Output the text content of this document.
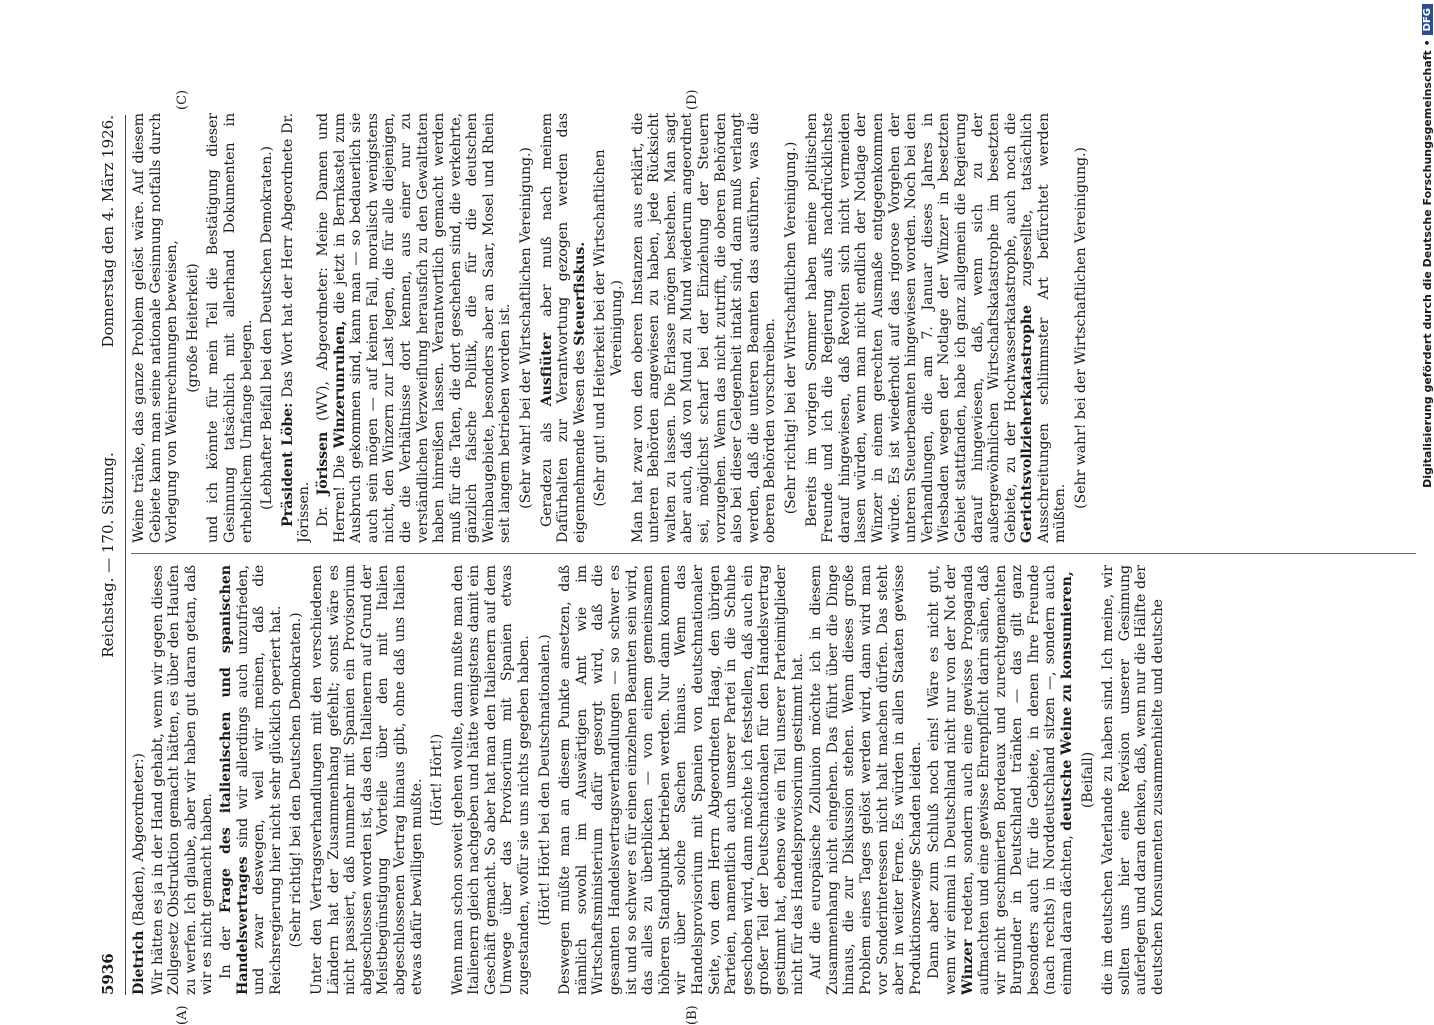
5936
Reichstag. — 170. Sitzung.
Donnerstag den 4. März 1926.
(A)	(B)
(C)	(D)

Dietrich (Baden), Abgeordneter:) Wir hätten es ja in der Hand gehabt, wenn wir gegen dieses Zollgesetz Obstruktion gemacht hätten, es über den Haufen zu werfen. Ich glaube, aber wir haben gut daran getan, daß wir es nicht gemacht haben. In der Frage des italienischen und spanischen Handelsvertrages sind wir allerdings auch unzufrieden, und zwar deswegen, weil wir meinen, daß die Reichsregierung hier nicht sehr glücklich operiert hat. (Sehr richtig! bei den Deutschen Demokraten.) Unter den Vertragsverhandlungen mit den verschiedenen Ländern hat der Zusammenhang gefehlt; sonst wäre es nicht passiert, daß nunmehr mit Spanien ein Provisorium abgeschlossen worden ist, das den Italienern auf Grund der Meistbegünstigung Vorteile über den mit Italien abgeschlossenen Vertrag hinaus gibt, ohne daß uns Italien etwas dafür bewilligen mußte. (Hört! Hört!) Wenn man schon soweit gehen wollte, dann mußte man den Italienern gleich nachgeben und hätte wenigstens damit ein Geschäft gemacht. So aber hat man den Italienern auf dem Umwege über das Provisorium mit Spanien etwas zugestanden, wofür sie uns nichts gegeben haben. (Hört! Hört! bei den Deutschnationalen.) Deswegen müßte man an diesem Punkte ansetzen, daß nämlich sowohl im Auswärtigen Amt wie im Wirtschaftsministerium dafür gesorgt wird, daß die gesamten Handelsvertragsverhandlungen — so schwer es ist und so schwer es für einen einzelnen Beamten sein wird, das alles zu überblicken — von einem gemeinsamen höheren Standpunkt betrieben werden. Nur dann kommen wir über solche Sachen hinaus. Wenn das Handelsprovisorium mit Spanien von deutschnationaler Seite, von dem Herrn Abgeordneten Haag, den übrigen Parteien, namentlich auch unserer Partei in die Schuhe geschoben wird, dann möchte ich feststellen, daß auch ein großer Teil der Deutschnationalen für den Handelsvertrag gestimmt hat, ebenso wie ein Teil unserer Parteimitglieder nicht für das Handelsprovisorium gestimmt hat. Auf die europäische Zollunion möchte ich in diesem Zusammenhang nicht eingehen. Das führt über die Dinge hinaus, die zur Diskussion stehen. Wenn dieses große Problem eines Tages gelöst werden wird, dann wird man vor Sonderinteressen nicht halt machen dürfen. Das steht aber in weiter Ferne. Es würden in allen Staaten gewisse Produktionszweige Schaden leiden. Dann aber zum Schluß noch eins! Wäre es nicht gut, wenn wir einmal in Deutschland nicht nur von der Not der Winzer redeten, sondern auch eine gewisse Propaganda aufmachten und eine gewisse Ehrenpflicht darin sähen, daß wir nicht geschmierten Bordeaux und zurechtgemachten Burgunder in Deutschland tränken — das gilt ganz besonders auch für die Gebiete, in denen Ihre Freunde (nach rechts) in Norddeutschland sitzen —, sondern auch einmal daran dächten, deutsche Weine zu konsumieren, (Beifall) die im deutschen Vaterlande zu haben sind. Ich meine, wir sollten uns hier eine Revision unserer Gesinnung auferlegen und daran denken, daß, wenn nur die Hälfte der deutschen Konsumenten zusammenhielte und deutsche

Weine tränke, das ganze Problem gelöst wäre. Auf diesem Gebiete kann man seine nationale Gesinnung notfalls durch Vorlegung von Weinrechnungen beweisen, (große Heiterkeit) und ich könnte für mein Teil die Bestätigung dieser Gesinnung tatsächlich mit allerhand Dokumenten in erheblichem Umfange belegen. (Lebhafter Beifall bei den Deutschen Demokraten.) Präsident Löbe: Das Wort hat der Herr Abgeordnete Dr. Jörissen. Dr. Jörissen (WV), Abgeordneter: Meine Damen und Herren! Die Winzerunruhen, die jetzt in Bernkastel zum Ausbruch gekommen sind, kann man — so bedauerlich sie auch sein mögen — auf keinen Fall, moralisch wenigstens nicht, den Winzern zur Last legen, die für alle diejenigen, die die Verhältnisse dort kennen, aus einer nur zu verständlichen Verzweiflung herausfich zu den Gewalttaten haben hinreißen lassen. Verantwortlich gemacht werden muß für die Taten, die dort geschehen sind, die verkehrte, gänzlich falsche Politik, die für die deutschen Weinbaugebiete, besonders aber an Saar, Mosel und Rhein seit langem betrieben worden ist. (Sehr wahr! bei der Wirtschaftlichen Vereinigung.) Geradezu als Ausfiüter aber muß nach meinem Dafürhalten zur Verantwortung gezogen werden das eigennehmende Wesen des Steuerfiskus. (Sehr gut! und Heiterkeit bei der Wirtschaftlichen Vereinigung.) Man hat zwar von den oberen Instanzen aus erklärt, die unteren Behörden angewiesen zu haben, jede Rücksicht walten zu lassen. Die Erlasse mögen bestehen. Man sagt aber auch, daß von Mund zu Mund wiederum angeordnet sei, möglichst scharf bei der Einziehung der Steuern vorzugehen. Wenn das nicht zutrifft, die oberen Behörden also bei dieser Gelegenheit intakt sind, dann muß verlangt werden, daß die unteren Beamten das ausführen, was die oberen Behörden vorschreiben. (Sehr richtig! bei der Wirtschaftlichen Vereinigung.) Bereits im vorigen Sommer haben meine politischen Freunde und ich die Regierung aufs nachdrücklichste darauf hingewiesen, daß Revolten sich nicht vermeiden lassen würden, wenn man nicht endlich der Notlage der Winzer in einem gerechten Ausmaße entgegenkommen würde. Es ist wiederholt auf das rigorose Vorgehen der unteren Steuerbeamten hingewiesen worden. Noch bei den Verhandlungen, die am 7. Januar dieses Jahres in Wiesbaden wegen der Notlage der Winzer in besetzten Gebiet stattfanden, habe ich ganz allgemein die Regierung darauf hingewiesen, daß, wenn sich zu der außergewöhnlichen Wirtschaftskatastrophe im besetzten Gebiete, zu der Hochwasserkatastrophe, auch noch die Gerichtsvollzieherkatastrophe zugesellte, tatsächlich Ausschreitungen schlimmster Art befürchtet werden müßten.

(Sehr wahr! bei der Wirtschaftlichen Vereinigung.)	Digitalisierung gefördert durch die Deutsche Forschungsgemeinschaft •
DFG
